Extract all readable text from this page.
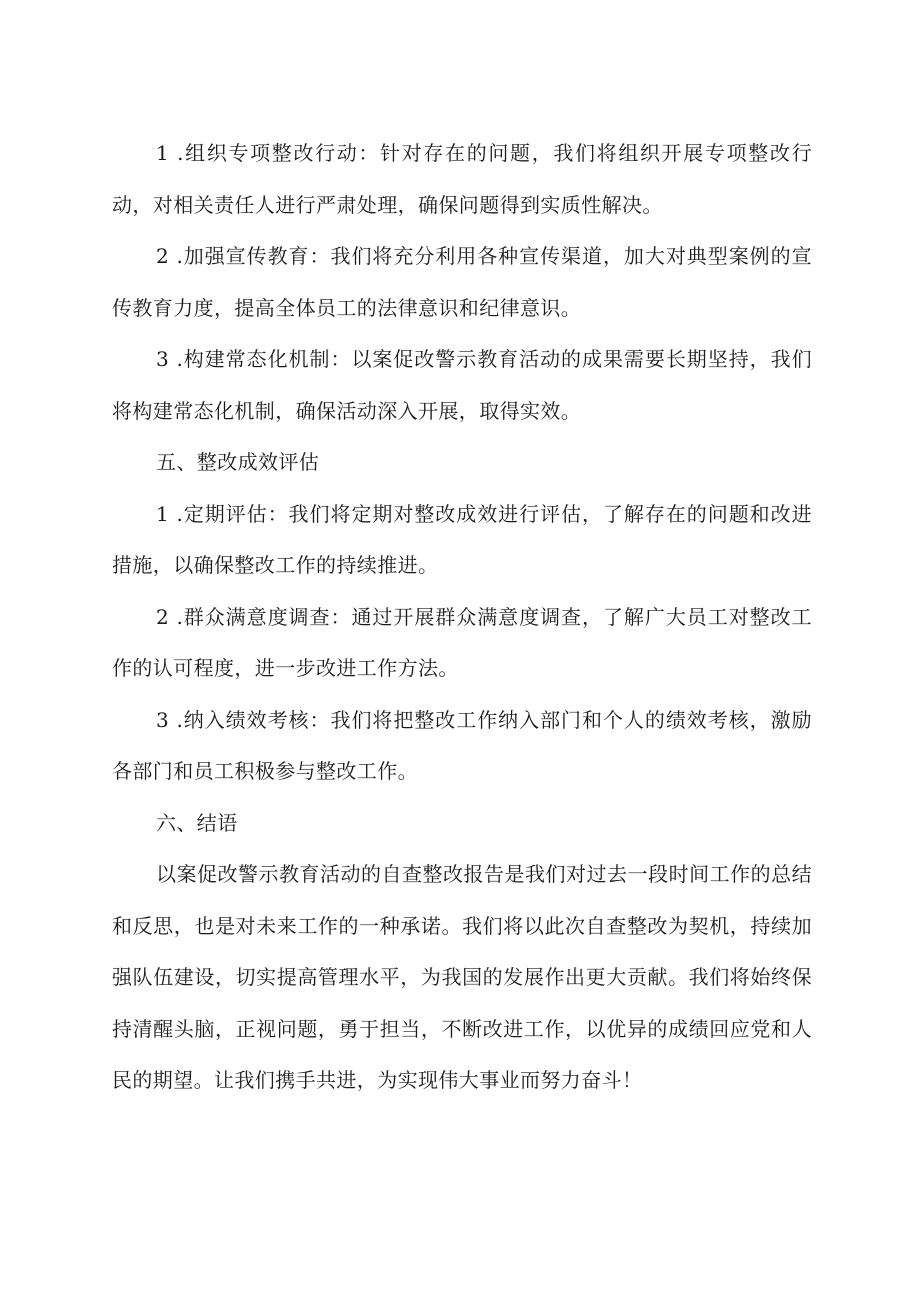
1 .组织专项整改行动：针对存在的问题，我们将组织开展专项整改行动，对相关责任人进行严肃处理，确保问题得到实质性解决。

2 .加强宣传教育：我们将充分利用各种宣传渠道，加大对典型案例的宣传教育力度，提高全体员工的法律意识和纪律意识。

3 .构建常态化机制：以案促改警示教育活动的成果需要长期坚持，我们将构建常态化机制，确保活动深入开展，取得实效。

五、整改成效评估

1 .定期评估：我们将定期对整改成效进行评估，了解存在的问题和改进措施，以确保整改工作的持续推进。

2 .群众满意度调查：通过开展群众满意度调查，了解广大员工对整改工作的认可程度，进一步改进工作方法。

3 .纳入绩效考核：我们将把整改工作纳入部门和个人的绩效考核，激励各部门和员工积极参与整改工作。

六、结语

以案促改警示教育活动的自查整改报告是我们对过去一段时间工作的总结和反思，也是对未来工作的一种承诺。我们将以此次自查整改为契机，持续加强队伍建设，切实提高管理水平，为我国的发展作出更大贡献。我们将始终保持清醒头脑，正视问题，勇于担当，不断改进工作，以优异的成绩回应党和人民的期望。让我们携手共进，为实现伟大事业而努力奋斗！
